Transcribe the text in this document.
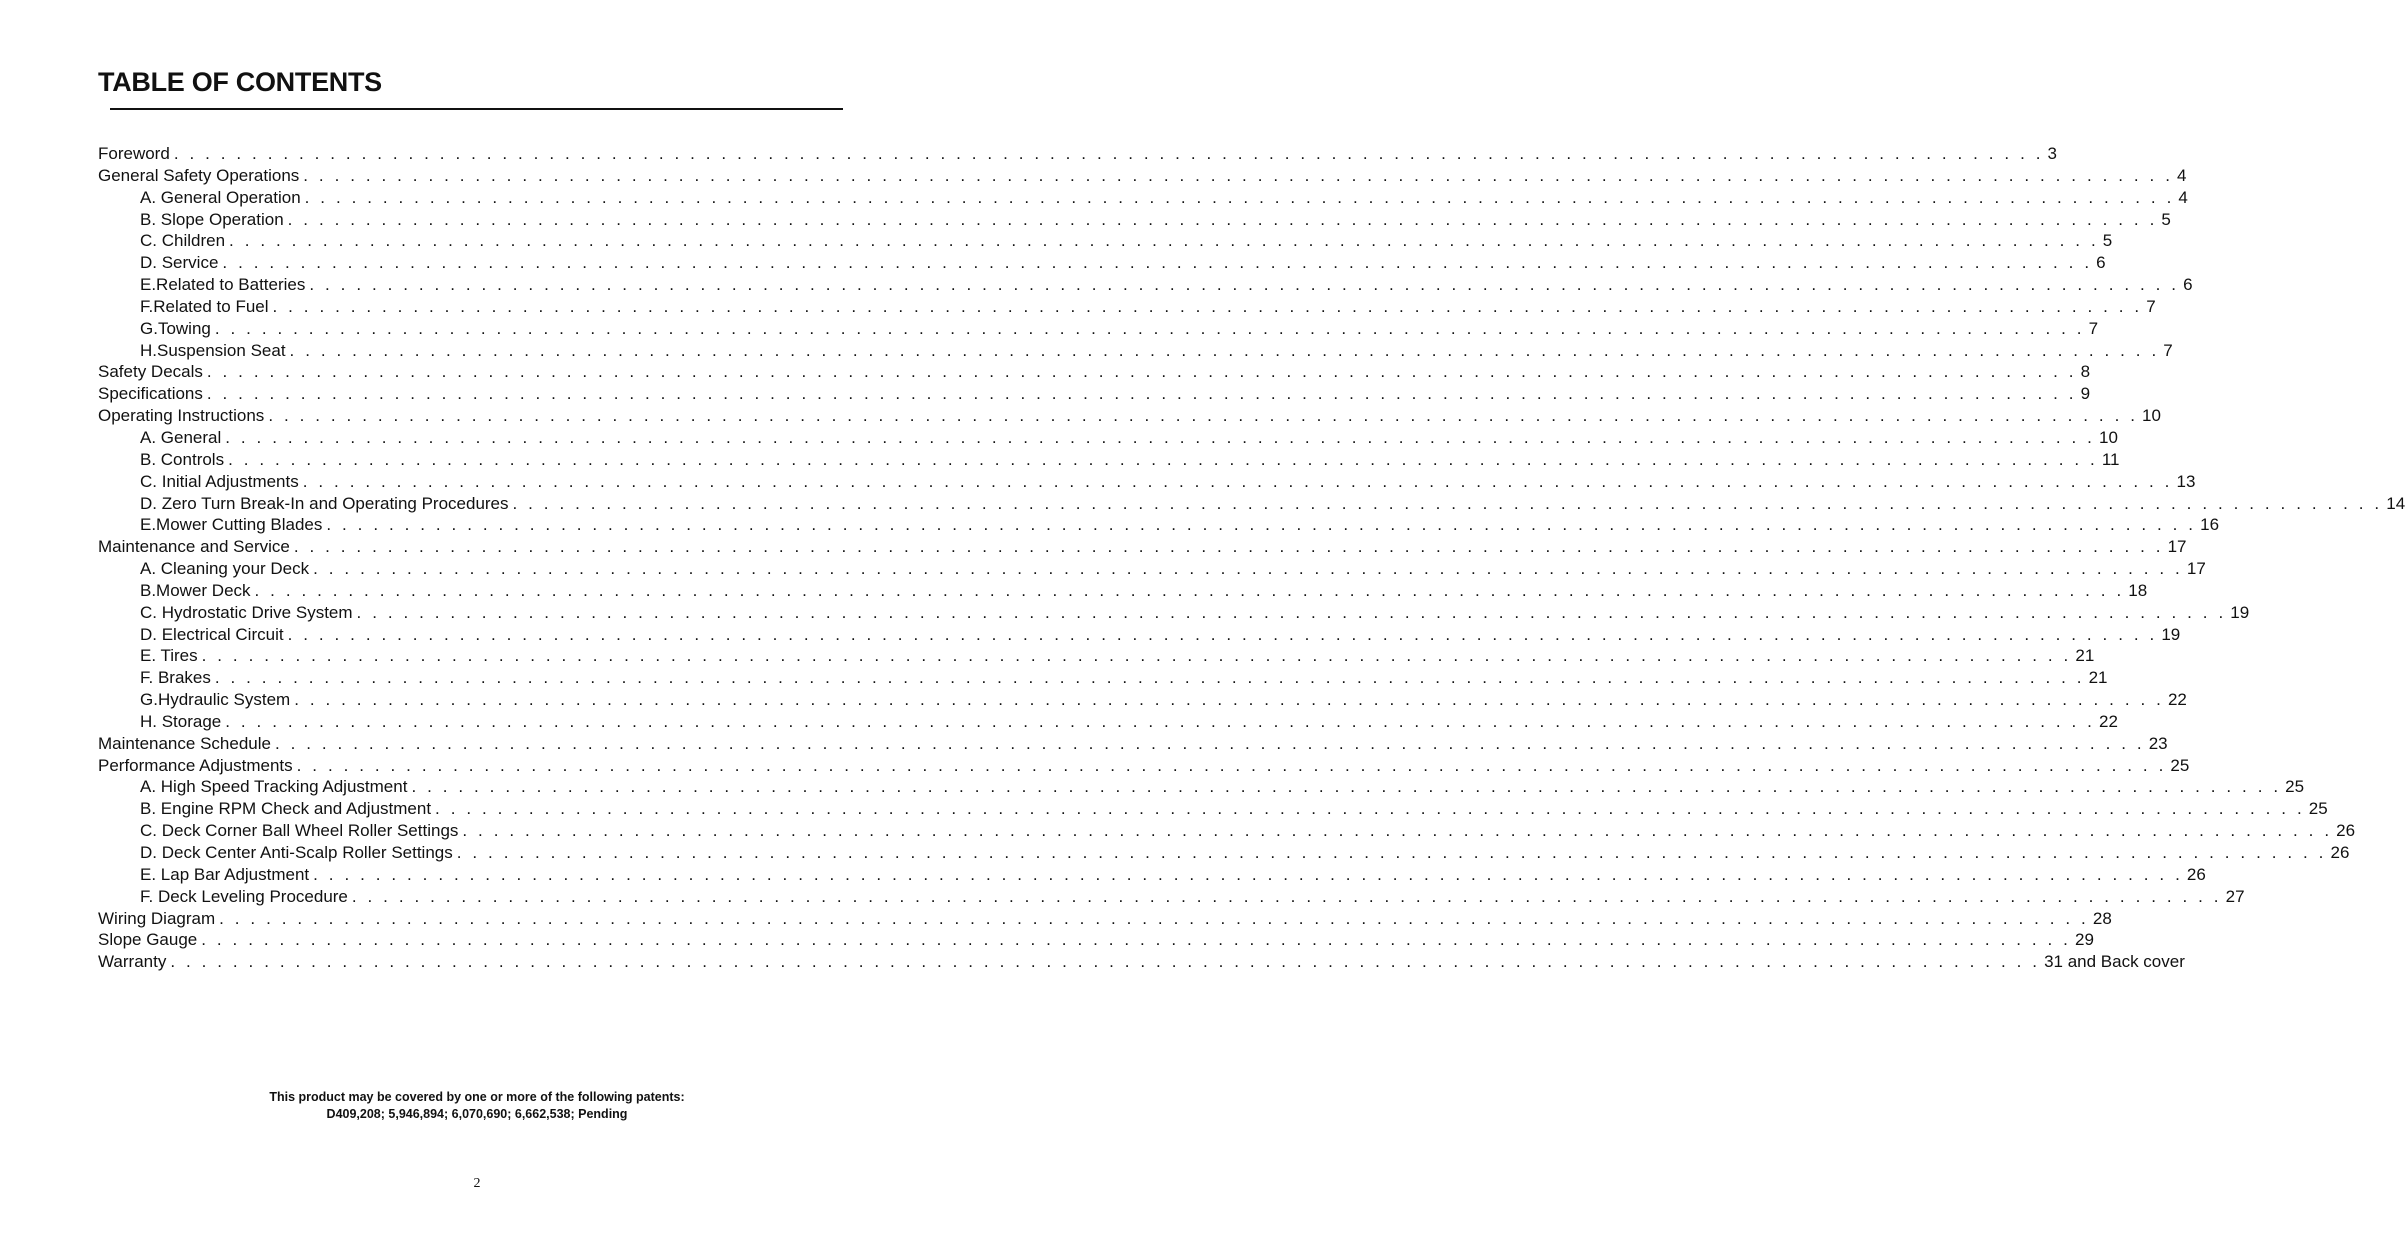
TABLE OF CONTENTS
Foreword . . . . . . . . . . . . . . . . . . . . . . . . . . . . . . . . . . . . . . . . . . . . . . . . . . . . . . . . . . . . . . . . . . . . . . . . . . . . . . . . . . . . . . . . . . . . . . . . . . . . . . . . . . . . . . . . . . . . . . . . 3
General Safety Operations . . . . . . . . . . . . . . . . . . . . . . . . . . . . . . . . . . . . . . . . . . . . . . . . . . . . . . . . . . . . . . . . . . . . . . . . . . . . . . . . . . . . . . . . . . . . . . . . . . . . . . . . . . . . . . . . . . . . . . . . 4
A. General Operation . . . . . . . . . . . . . . . . . . . . . . . . . . . . . . . . . . . . . . . . . . . . . . . . . . . . . . . . . . . . . . . . . . . . . . . . . . . . . . . . . . . . . . . . . . . . . . . . . . . . . . . . . . . . . . . . . . . . . . . . 4
B. Slope Operation . . . . . . . . . . . . . . . . . . . . . . . . . . . . . . . . . . . . . . . . . . . . . . . . . . . . . . . . . . . . . . . . . . . . . . . . . . . . . . . . . . . . . . . . . . . . . . . . . . . . . . . . . . . . . . . . . . . . . . . . 5
C. Children . . . . . . . . . . . . . . . . . . . . . . . . . . . . . . . . . . . . . . . . . . . . . . . . . . . . . . . . . . . . . . . . . . . . . . . . . . . . . . . . . . . . . . . . . . . . . . . . . . . . . . . . . . . . . . . . . . . . . . . . 5
D. Service . . . . . . . . . . . . . . . . . . . . . . . . . . . . . . . . . . . . . . . . . . . . . . . . . . . . . . . . . . . . . . . . . . . . . . . . . . . . . . . . . . . . . . . . . . . . . . . . . . . . . . . . . . . . . . . . . . . . . . . . 6
E.Related to Batteries . . . . . . . . . . . . . . . . . . . . . . . . . . . . . . . . . . . . . . . . . . . . . . . . . . . . . . . . . . . . . . . . . . . . . . . . . . . . . . . . . . . . . . . . . . . . . . . . . . . . . . . . . . . . . . . . . . . . . . . . 6
F.Related to Fuel . . . . . . . . . . . . . . . . . . . . . . . . . . . . . . . . . . . . . . . . . . . . . . . . . . . . . . . . . . . . . . . . . . . . . . . . . . . . . . . . . . . . . . . . . . . . . . . . . . . . . . . . . . . . . . . . . . . . . . . . 7
G.Towing . . . . . . . . . . . . . . . . . . . . . . . . . . . . . . . . . . . . . . . . . . . . . . . . . . . . . . . . . . . . . . . . . . . . . . . . . . . . . . . . . . . . . . . . . . . . . . . . . . . . . . . . . . . . . . . . . . . . . . . . 7
H.Suspension Seat . . . . . . . . . . . . . . . . . . . . . . . . . . . . . . . . . . . . . . . . . . . . . . . . . . . . . . . . . . . . . . . . . . . . . . . . . . . . . . . . . . . . . . . . . . . . . . . . . . . . . . . . . . . . . . . . . . . . . . . . 7
Safety Decals . . . . . . . . . . . . . . . . . . . . . . . . . . . . . . . . . . . . . . . . . . . . . . . . . . . . . . . . . . . . . . . . . . . . . . . . . . . . . . . . . . . . . . . . . . . . . . . . . . . . . . . . . . . . . . . . . . . . . . . . 8
Specifications . . . . . . . . . . . . . . . . . . . . . . . . . . . . . . . . . . . . . . . . . . . . . . . . . . . . . . . . . . . . . . . . . . . . . . . . . . . . . . . . . . . . . . . . . . . . . . . . . . . . . . . . . . . . . . . . . . . . . . . . 9
Operating Instructions . . . . . . . . . . . . . . . . . . . . . . . . . . . . . . . . . . . . . . . . . . . . . . . . . . . . . . . . . . . . . . . . . . . . . . . . . . . . . . . . . . . . . . . . . . . . . . . . . . . . . . . . . . . . . . . . . . . . . . . . 10
A. General . . . . . . . . . . . . . . . . . . . . . . . . . . . . . . . . . . . . . . . . . . . . . . . . . . . . . . . . . . . . . . . . . . . . . . . . . . . . . . . . . . . . . . . . . . . . . . . . . . . . . . . . . . . . . . . . . . . . . . . . 10
B. Controls . . . . . . . . . . . . . . . . . . . . . . . . . . . . . . . . . . . . . . . . . . . . . . . . . . . . . . . . . . . . . . . . . . . . . . . . . . . . . . . . . . . . . . . . . . . . . . . . . . . . . . . . . . . . . . . . . . . . . . . . 11
C. Initial Adjustments . . . . . . . . . . . . . . . . . . . . . . . . . . . . . . . . . . . . . . . . . . . . . . . . . . . . . . . . . . . . . . . . . . . . . . . . . . . . . . . . . . . . . . . . . . . . . . . . . . . . . . . . . . . . . . . . . . . . . . . . 13
D. Zero Turn Break-In and Operating Procedures . . . . . . . . . . . . . . . . . . . . . . . . . . . . . . . . . . . . . . . . . . . . . . . . . . . . . . . . . . . . . . . . . . . . . . . . . . . . . . . . . . . . . . . . . . . . . . . . . . . . . . . . . . . . . . . . . . . . . . . . 14
E.Mower Cutting Blades . . . . . . . . . . . . . . . . . . . . . . . . . . . . . . . . . . . . . . . . . . . . . . . . . . . . . . . . . . . . . . . . . . . . . . . . . . . . . . . . . . . . . . . . . . . . . . . . . . . . . . . . . . . . . . . . . . . . . . . . 16
Maintenance and Service . . . . . . . . . . . . . . . . . . . . . . . . . . . . . . . . . . . . . . . . . . . . . . . . . . . . . . . . . . . . . . . . . . . . . . . . . . . . . . . . . . . . . . . . . . . . . . . . . . . . . . . . . . . . . . . . . . . . . . . . 17
A. Cleaning your Deck . . . . . . . . . . . . . . . . . . . . . . . . . . . . . . . . . . . . . . . . . . . . . . . . . . . . . . . . . . . . . . . . . . . . . . . . . . . . . . . . . . . . . . . . . . . . . . . . . . . . . . . . . . . . . . . . . . . . . . . . 17
B.Mower Deck . . . . . . . . . . . . . . . . . . . . . . . . . . . . . . . . . . . . . . . . . . . . . . . . . . . . . . . . . . . . . . . . . . . . . . . . . . . . . . . . . . . . . . . . . . . . . . . . . . . . . . . . . . . . . . . . . . . . . . . . 18
C. Hydrostatic Drive System . . . . . . . . . . . . . . . . . . . . . . . . . . . . . . . . . . . . . . . . . . . . . . . . . . . . . . . . . . . . . . . . . . . . . . . . . . . . . . . . . . . . . . . . . . . . . . . . . . . . . . . . . . . . . . . . . . . . . . . . 19
D. Electrical Circuit . . . . . . . . . . . . . . . . . . . . . . . . . . . . . . . . . . . . . . . . . . . . . . . . . . . . . . . . . . . . . . . . . . . . . . . . . . . . . . . . . . . . . . . . . . . . . . . . . . . . . . . . . . . . . . . . . . . . . . . . 19
E. Tires . . . . . . . . . . . . . . . . . . . . . . . . . . . . . . . . . . . . . . . . . . . . . . . . . . . . . . . . . . . . . . . . . . . . . . . . . . . . . . . . . . . . . . . . . . . . . . . . . . . . . . . . . . . . . . . . . . . . . . . . 21
F. Brakes . . . . . . . . . . . . . . . . . . . . . . . . . . . . . . . . . . . . . . . . . . . . . . . . . . . . . . . . . . . . . . . . . . . . . . . . . . . . . . . . . . . . . . . . . . . . . . . . . . . . . . . . . . . . . . . . . . . . . . . . 21
G.Hydraulic System . . . . . . . . . . . . . . . . . . . . . . . . . . . . . . . . . . . . . . . . . . . . . . . . . . . . . . . . . . . . . . . . . . . . . . . . . . . . . . . . . . . . . . . . . . . . . . . . . . . . . . . . . . . . . . . . . . . . . . . . 22
H. Storage . . . . . . . . . . . . . . . . . . . . . . . . . . . . . . . . . . . . . . . . . . . . . . . . . . . . . . . . . . . . . . . . . . . . . . . . . . . . . . . . . . . . . . . . . . . . . . . . . . . . . . . . . . . . . . . . . . . . . . . . 22
Maintenance Schedule . . . . . . . . . . . . . . . . . . . . . . . . . . . . . . . . . . . . . . . . . . . . . . . . . . . . . . . . . . . . . . . . . . . . . . . . . . . . . . . . . . . . . . . . . . . . . . . . . . . . . . . . . . . . . . . . . . . . . . . . 23
Performance Adjustments . . . . . . . . . . . . . . . . . . . . . . . . . . . . . . . . . . . . . . . . . . . . . . . . . . . . . . . . . . . . . . . . . . . . . . . . . . . . . . . . . . . . . . . . . . . . . . . . . . . . . . . . . . . . . . . . . . . . . . . . 25
A. High Speed Tracking Adjustment . . . . . . . . . . . . . . . . . . . . . . . . . . . . . . . . . . . . . . . . . . . . . . . . . . . . . . . . . . . . . . . . . . . . . . . . . . . . . . . . . . . . . . . . . . . . . . . . . . . . . . . . . . . . . . . . . . . . . . . . 25
B. Engine RPM Check and Adjustment . . . . . . . . . . . . . . . . . . . . . . . . . . . . . . . . . . . . . . . . . . . . . . . . . . . . . . . . . . . . . . . . . . . . . . . . . . . . . . . . . . . . . . . . . . . . . . . . . . . . . . . . . . . . . . . . . . . . . . . . 25
C. Deck Corner Ball Wheel Roller Settings . . . . . . . . . . . . . . . . . . . . . . . . . . . . . . . . . . . . . . . . . . . . . . . . . . . . . . . . . . . . . . . . . . . . . . . . . . . . . . . . . . . . . . . . . . . . . . . . . . . . . . . . . . . . . . . . . . . . . . . . 26
D. Deck Center Anti-Scalp Roller Settings . . . . . . . . . . . . . . . . . . . . . . . . . . . . . . . . . . . . . . . . . . . . . . . . . . . . . . . . . . . . . . . . . . . . . . . . . . . . . . . . . . . . . . . . . . . . . . . . . . . . . . . . . . . . . . . . . . . . . . . . 26
E. Lap Bar Adjustment . . . . . . . . . . . . . . . . . . . . . . . . . . . . . . . . . . . . . . . . . . . . . . . . . . . . . . . . . . . . . . . . . . . . . . . . . . . . . . . . . . . . . . . . . . . . . . . . . . . . . . . . . . . . . . . . . . . . . . . . 26
F. Deck Leveling Procedure . . . . . . . . . . . . . . . . . . . . . . . . . . . . . . . . . . . . . . . . . . . . . . . . . . . . . . . . . . . . . . . . . . . . . . . . . . . . . . . . . . . . . . . . . . . . . . . . . . . . . . . . . . . . . . . . . . . . . . . . 27
Wiring Diagram . . . . . . . . . . . . . . . . . . . . . . . . . . . . . . . . . . . . . . . . . . . . . . . . . . . . . . . . . . . . . . . . . . . . . . . . . . . . . . . . . . . . . . . . . . . . . . . . . . . . . . . . . . . . . . . . . . . . . . . . 28
Slope Gauge . . . . . . . . . . . . . . . . . . . . . . . . . . . . . . . . . . . . . . . . . . . . . . . . . . . . . . . . . . . . . . . . . . . . . . . . . . . . . . . . . . . . . . . . . . . . . . . . . . . . . . . . . . . . . . . . . . . . . . . . 29
Warranty . . . . . . . . . . . . . . . . . . . . . . . . . . . . . . . . . . . . . . . . . . . . . . . . . . . . . . . . . . . . . . . . . . . . . . . . . . . . . . . . . . . . . . . . . . . . . . . . . . . . . . . . . . . . . . . . . . . . . . . . 31 and Back cover
This product may be covered by one or more of the following patents:
D409,208; 5,946,894; 6,070,690; 6,662,538; Pending
2
